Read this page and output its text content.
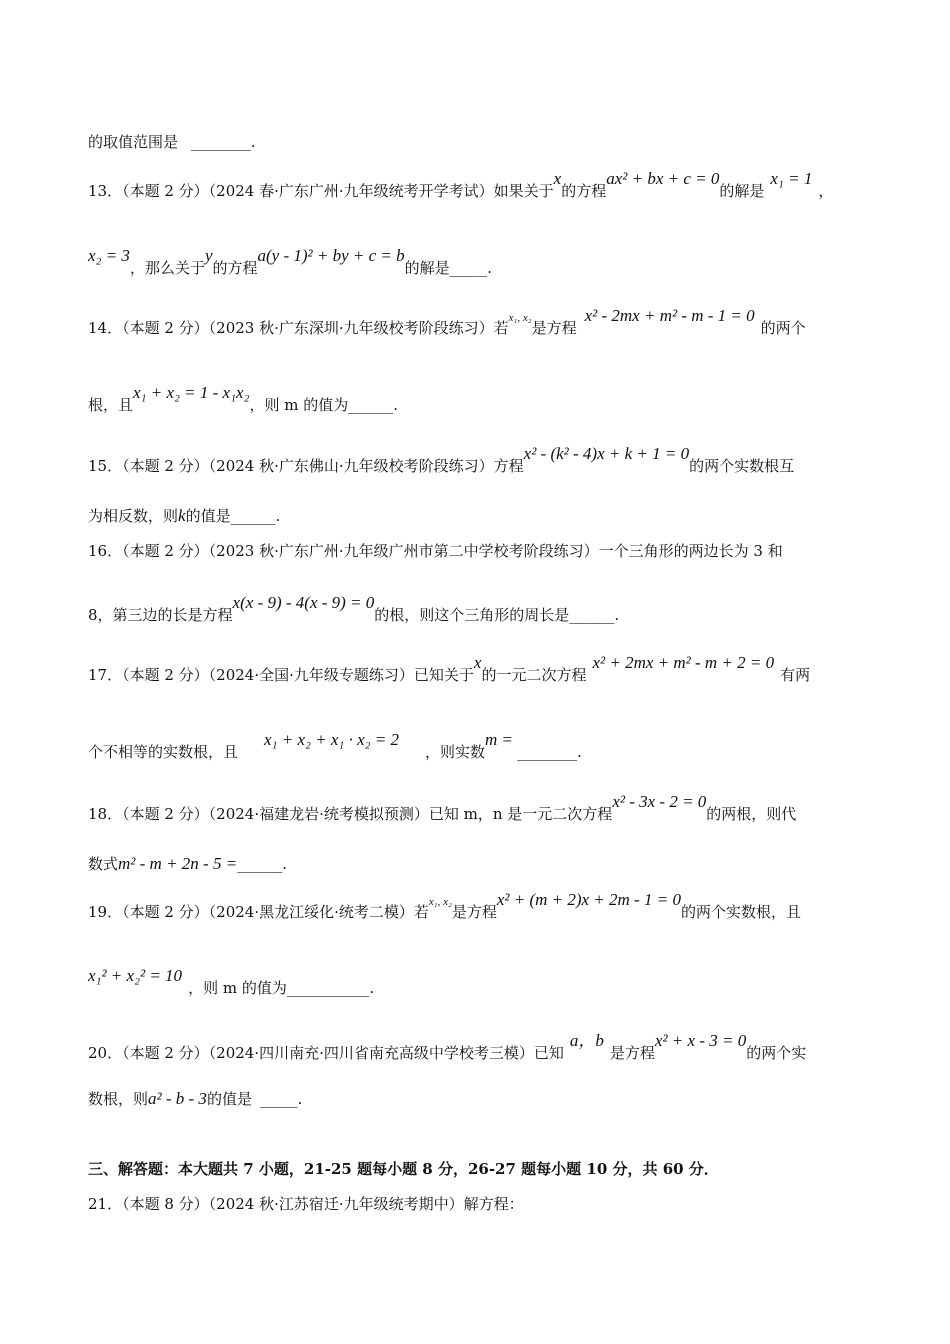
的取值范围是 ________.
13．（本题 2 分）（2024 春·广东广州·九年级统考开学考试）如果关于x的方程ax² + bx + c = 0的解是x₁ = 1，
x₂ = 3，那么关于y的方程a(y - 1)² + by + c = b的解是_____.
14．（本题 2 分）（2023 秋·广东深圳·九年级校考阶段练习）若$^{x_1, x_2}$是方程x² - 2mx + m² - m - 1 = 0的两个
根，且x₁ + x₂ = 1 - x₁x₂，则 m 的值为______.
15．（本题 2 分）（2024 秋·广东佛山·九年级校考阶段练习）方程x² - (k² - 4)x + k + 1 = 0的两个实数根互
为相反数，则k的值是______.
16．（本题 2 分）（2023 秋·广东广州·九年级广州市第二中学校考阶段练习）一个三角形的两边长为 3 和
8，第三边的长是方程x(x - 9) - 4(x - 9) = 0的根，则这个三角形的周长是______.
17．（本题 2 分）（2024·全国·九年级专题练习）已知关于x的一元二次方程x² + 2mx + m² - m + 2 = 0有两
个不相等的实数根，且x₁ + x₂ + x₁ · x₂ = 2，则实数m =________.
18．（本题 2 分）（2024·福建龙岩·统考模拟预测）已知 m，n 是一元二次方程x² - 3x - 2 = 0的两根，则代
数式m² - m + 2n - 5 =______.
19．（本题 2 分）（2024·黑龙江绥化·统考二模）若$^{x_1, x_2}$是方程x² + (m + 2)x + 2m - 1 = 0的两个实数根，且
x₁² + x₂² = 10，则 m 的值为___________.
20．（本题 2 分）（2024·四川南充·四川省南充高级中学校考三模）已知a，b是方程x² + x - 3 = 0的两个实
数根，则a² - b - 3的值是 _____.
三、解答题：本大题共 7 小题，21-25 题每小题 8 分，26-27 题每小题 10 分，共 60 分．
21．（本题 8 分）（2024 秋·江苏宿迁·九年级统考期中）解方程：
